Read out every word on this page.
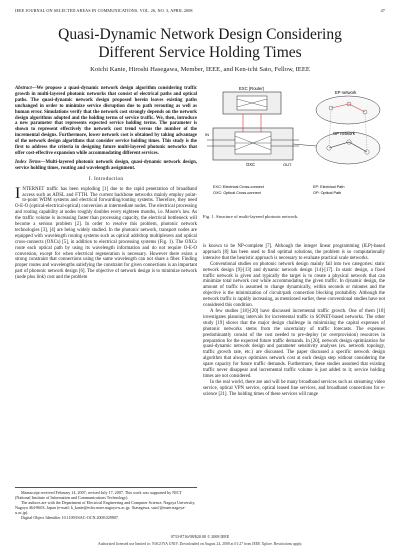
IEEE JOURNAL ON SELECTED AREAS IN COMMUNICATIONS, VOL. 26, NO. 3, APRIL 2008	47
Quasi-Dynamic Network Design Considering
Different Service Holding Times
Koichi Kanie, Hiroshi Hasegawa, Member, IEEE, and Ken-ichi Sato, Fellow, IEEE
Abstract—We propose a quasi-dynamic network design algorithm considering traffic growth in multi-layered photonic networks that consist of electrical paths and optical paths. The quasi-dynamic network design proposed herein leaves existing paths unchanged in order to minimize service disruption due to path rerouting as well as human error. Simulations verify that the network cost strongly depends on the network design algorithms adopted and the holding terms of service traffic. We, then, introduce a new parameter that represents expected service holding terms. The parameter is shown to represent effectively the network cost trend versus the number of the incremental designs. Furthermore, lower network cost is obtained by taking advantage of the network design algorithms that consider service holding times. This study is the first to address the criteria in designing future multi-layered photonic networks that offer cost-effective expansion while accommodating different services.
Index Terms—Multi-layered photonic network design, quasi-dynamic network design, service holding times, routing and wavelength assignment.
I. Introduction

INTERNET traffic has been exploding [1] due to the rapid penetration of broadband access such as ADSL and FTTH. The current backbone networks mainly employ point-to-point WDM systems and electrical forwarding/routing systems. Therefore, they need O-E-O (optical-electrical-optical) conversion at intermediate nodes. The electrical processing and routing capability at nodes roughly doubles every eighteen months, i.e. Moore's law. As the traffic volume is increasing faster than processing capacity, the electrical bottleneck will become a serious problem [2]. In order to resolve this problem, photonic network technologies [3], [4] are being widely studied. In the photonic network, transport nodes are equipped with wavelength routing systems such as optical add/drop multiplexers and optical cross-connects (OXCs) [5], in addition to electrical processing systems (Fig. 1). The OXCs route each optical path by using its wavelength information and do not require O-E-O conversion, except for when electrical regeneration is necessary. However there exists a strong constraint that connections using the same wavelength can not share a fiber. Finding proper routes and wavelengths satisfying the constraint for given connections is an important part of photonic network design [6]. The objective of network design is to minimize network (node plus link) cost and the problem

Manuscript received February 14, 2007; revised July 17, 2007. This work was supported by NICT (National Institute of Information and Communications Technology).
The authors are with the Department of Electrical Engineering and Computer Science, Nagoya University, Nagoya 464-8603, Japan (e-mail: k_kanie@echo.nuee.nagoya-u.ac.jp; {hasegawa, sato}@nuee.nagoya-u.ac.jp).
Digital Object Identifier 10.1109/JSAC-OCN.2008.029807.
EXC (Router)
OXC
IN
OUT
EP network
OP network
EXC: Electrical Cross-connect
OXC: Optical Cross-connect
EP: Electrical Path
OP: Optical Path
Fig. 1. Structure of multi-layered photonic network.

is known to be NP-complete [7]. Although the integer linear programming (ILP)-based approach [8] has been used to find optimal solutions, the problem is so computationally intensive that the heuristic approach is necessary to evaluate practical scale networks.

Conventional studies on photonic network design mainly fall into two categories: static network design [9]-[13] and dynamic network design [14]-[17]. In static design, a fixed traffic network is given and typically the target is to create a physical network that can minimize total network cost while accommodating the given traffic. In dynamic design, the amount of traffic is assumed to change dynamically, within seconds or minutes and the objective is the minimization of circuit/path connection blocking probability. Although the network traffic is rapidly increasing, as mentioned earlier, these conventional studies have not considered this condition.

A few studies [18]-[20] have discussed incremental traffic growth. One of them [18] investigates planning intervals for incremental traffic in SONET-based networks. The other study [19] shows that the major design challenge in minimizing the capital expenses of photonic networks stems from the uncertainty of traffic forecasts. The expenses predominantly consist of the cost needed to pre-deploy (or overprovision) resources in preparation for the expected future traffic demands. In [20], network design optimization for quasi-dynamic network design and parameter sensitivity analyses (ex. network topology, traffic growth rate, etc.) are discussed. The paper discussed a specific network design algorithm that always optimizes network cost at each design step without considering the spare capacity for future traffic demands. Furthermore, these studies assumed that existing traffic never disappear and incremental traffic volume is just added to it; service holding times are not considered.

In the real world, there are and will be many broadband services such as streaming video service, optical VPN service, optical leased line services, and broadband connections for e-science [21]. The holding times of these services will range

0733-8716/08/$20.00 © 2008 IEEE
Authorized licensed use limited to: NAGOYA UNIV. Downloaded on August 24, 2008 at 01:27 from IEEE Xplore. Restrictions apply.
